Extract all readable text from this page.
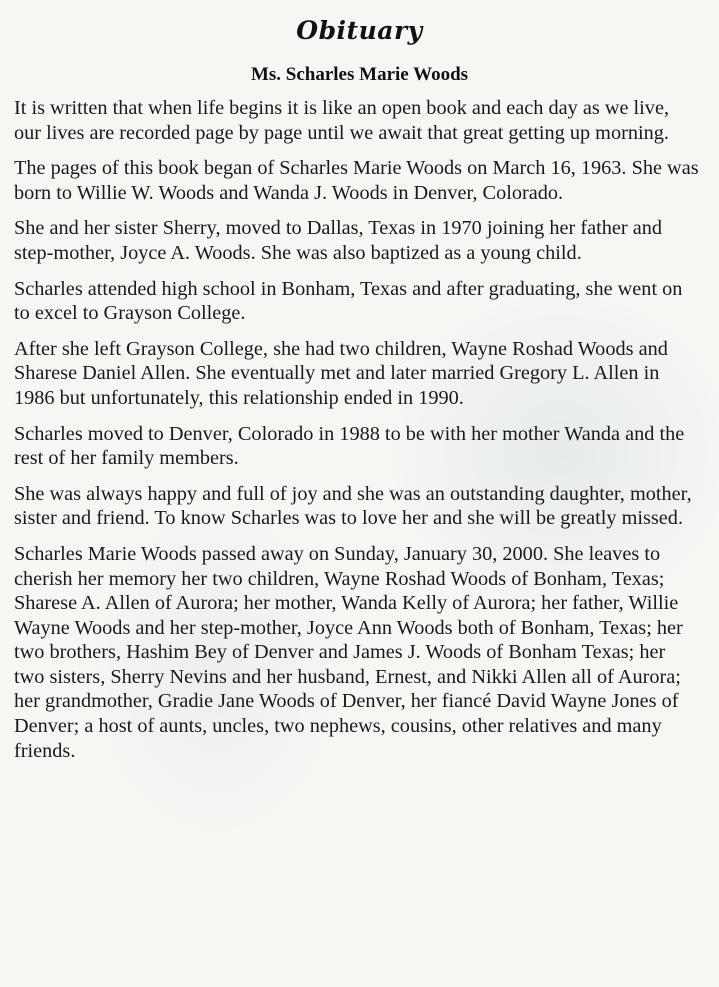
Obituary
Ms. Scharles Marie Woods

It is written that when life begins it is like an open book and each day as we live, our lives are recorded page by page until we await that great getting up morning.

The pages of this book began of Scharles Marie Woods on March 16, 1963. She was born to Willie W. Woods and Wanda J. Woods in Denver, Colorado.

She and her sister Sherry, moved to Dallas, Texas in 1970 joining her father and step-mother, Joyce A. Woods. She was also baptized as a young child.

Scharles attended high school in Bonham, Texas and after graduating, she went on to excel to Grayson College.

After she left Grayson College, she had two children, Wayne Roshad Woods and Sharese Daniel Allen. She eventually met and later married Gregory L. Allen in 1986 but unfortunately, this relationship ended in 1990.

Scharles moved to Denver, Colorado in 1988 to be with her mother Wanda and the rest of her family members.

She was always happy and full of joy and she was an outstanding daughter, mother, sister and friend. To know Scharles was to love her and she will be greatly missed.

Scharles Marie Woods passed away on Sunday, January 30, 2000. She leaves to cherish her memory her two children, Wayne Roshad Woods of Bonham, Texas; Sharese A. Allen of Aurora; her mother, Wanda Kelly of Aurora; her father, Willie Wayne Woods and her step-mother, Joyce Ann Woods both of Bonham, Texas; her two brothers, Hashim Bey of Denver and James J. Woods of Bonham Texas; her two sisters, Sherry Nevins and her husband, Ernest, and Nikki Allen all of Aurora; her grandmother, Gradie Jane Woods of Denver, her fiancé David Wayne Jones of Denver; a host of aunts, uncles, two nephews, cousins, other relatives and many friends.
